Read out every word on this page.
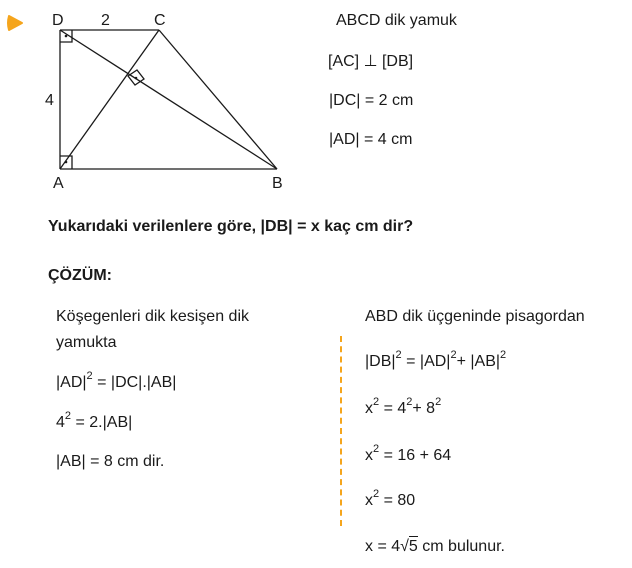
D	C
A	B
2
4
ABCD dik yamuk
[AC] ⊥ [DB]
|DC| = 2 cm
|AD| = 4 cm
Yukarıdaki verilenlere göre, |DB| = x kaç cm dir?
ÇÖZÜM:
Köşegenleri dik kesişen dik
yamukta
$|AD|^2 = |DC|.|AB|$
$4^2 = 2.|AB|$
|AB| = 8 cm dir.
ABD dik üçgeninde pisagordan
$|DB|^2 = |AD|^2+ |AB|^2$
$x^2 = 4^2+ 8^2$
$x^2 = 16 + 64$
$x^2 = 80$
x = 4√5 cm bulunur.
